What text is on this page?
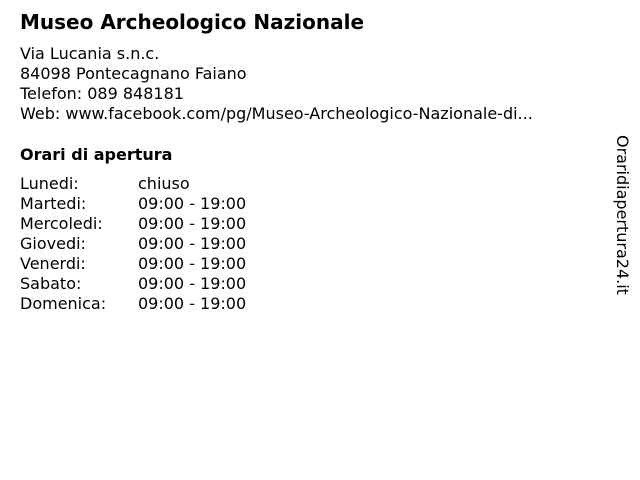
Museo Archeologico Nazionale
Via Lucania s.n.c.
84098 Pontecagnano Faiano
Telefon: 089 848181
Web: www.facebook.com/pg/Museo-Archeologico-Nazionale-di...
Orari di apertura
Lunedi:	chiuso
Martedi:	09:00 - 19:00
Mercoledi:	09:00 - 19:00
Giovedi:	09:00 - 19:00
Venerdi:	09:00 - 19:00
Sabato:	09:00 - 19:00
Domenica:	09:00 - 19:00
Oraridiapertura24.it
